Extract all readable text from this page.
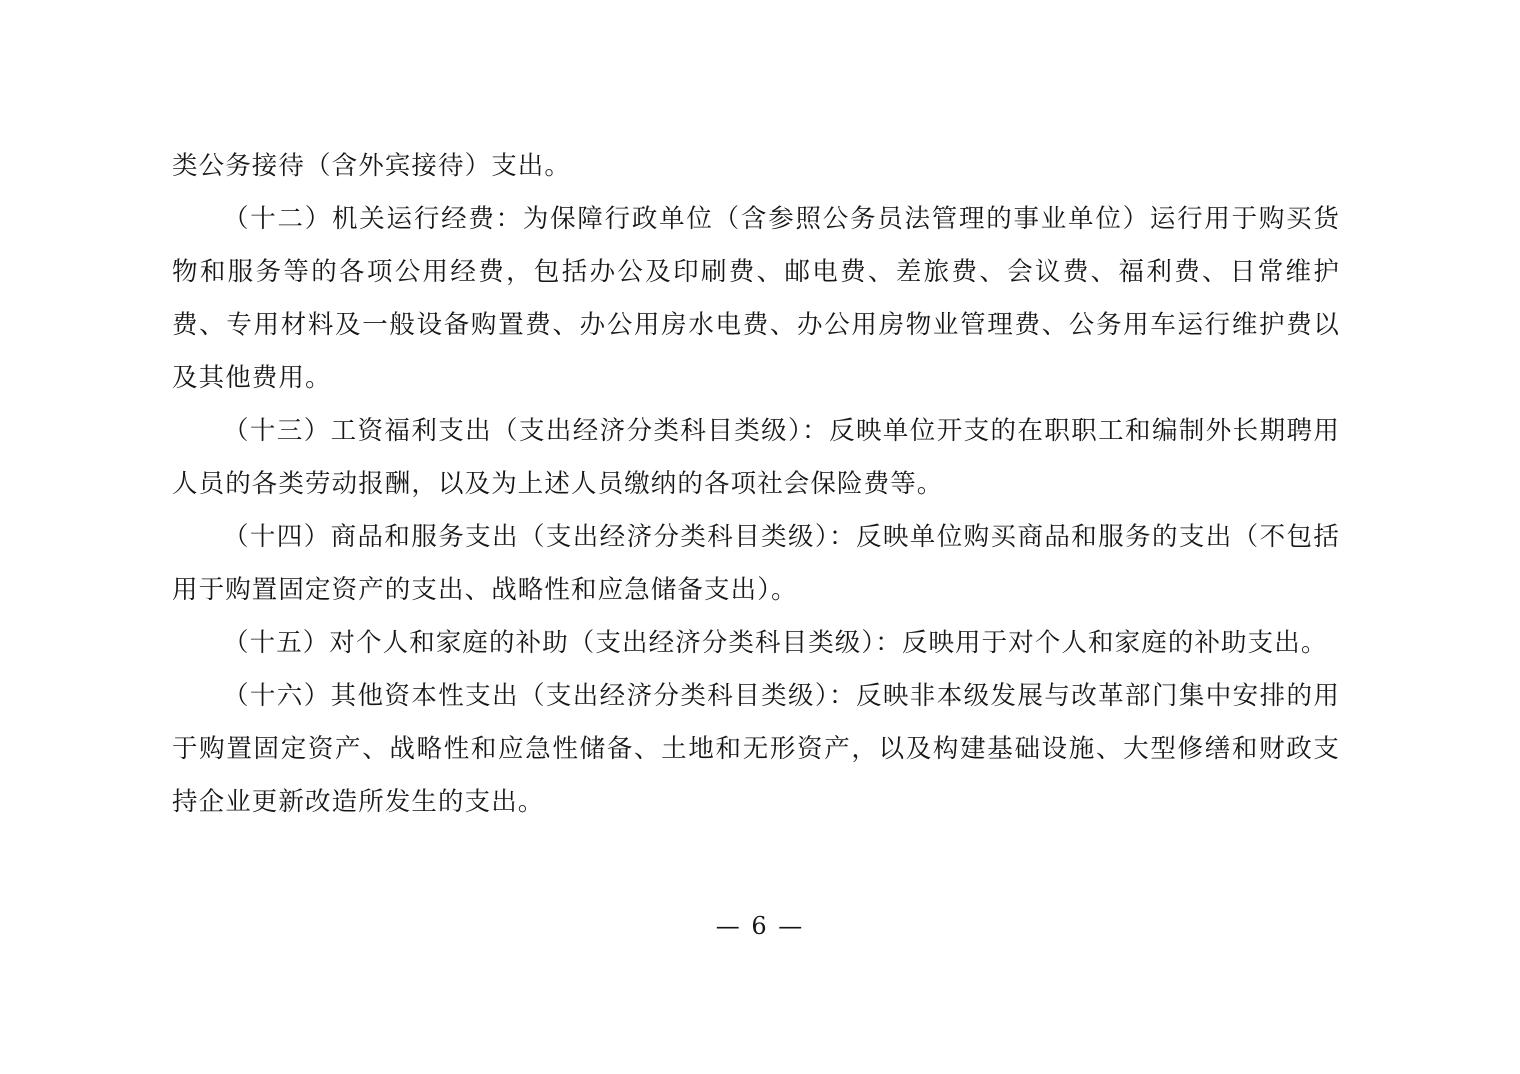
类公务接待（含外宾接待）支出。

（十二）机关运行经费：为保障行政单位（含参照公务员法管理的事业单位）运行用于购买货物和服务等的各项公用经费，包括办公及印刷费、邮电费、差旅费、会议费、福利费、日常维护费、专用材料及一般设备购置费、办公用房水电费、办公用房物业管理费、公务用车运行维护费以及其他费用。

（十三）工资福利支出（支出经济分类科目类级）：反映单位开支的在职职工和编制外长期聘用人员的各类劳动报酬，以及为上述人员缴纳的各项社会保险费等。

（十四）商品和服务支出（支出经济分类科目类级）：反映单位购买商品和服务的支出（不包括用于购置固定资产的支出、战略性和应急储备支出）。

（十五）对个人和家庭的补助（支出经济分类科目类级）：反映用于对个人和家庭的补助支出。

（十六）其他资本性支出（支出经济分类科目类级）：反映非本级发展与改革部门集中安排的用于购置固定资产、战略性和应急性储备、土地和无形资产，以及构建基础设施、大型修缮和财政支持企业更新改造所发生的支出。

— 6 —
